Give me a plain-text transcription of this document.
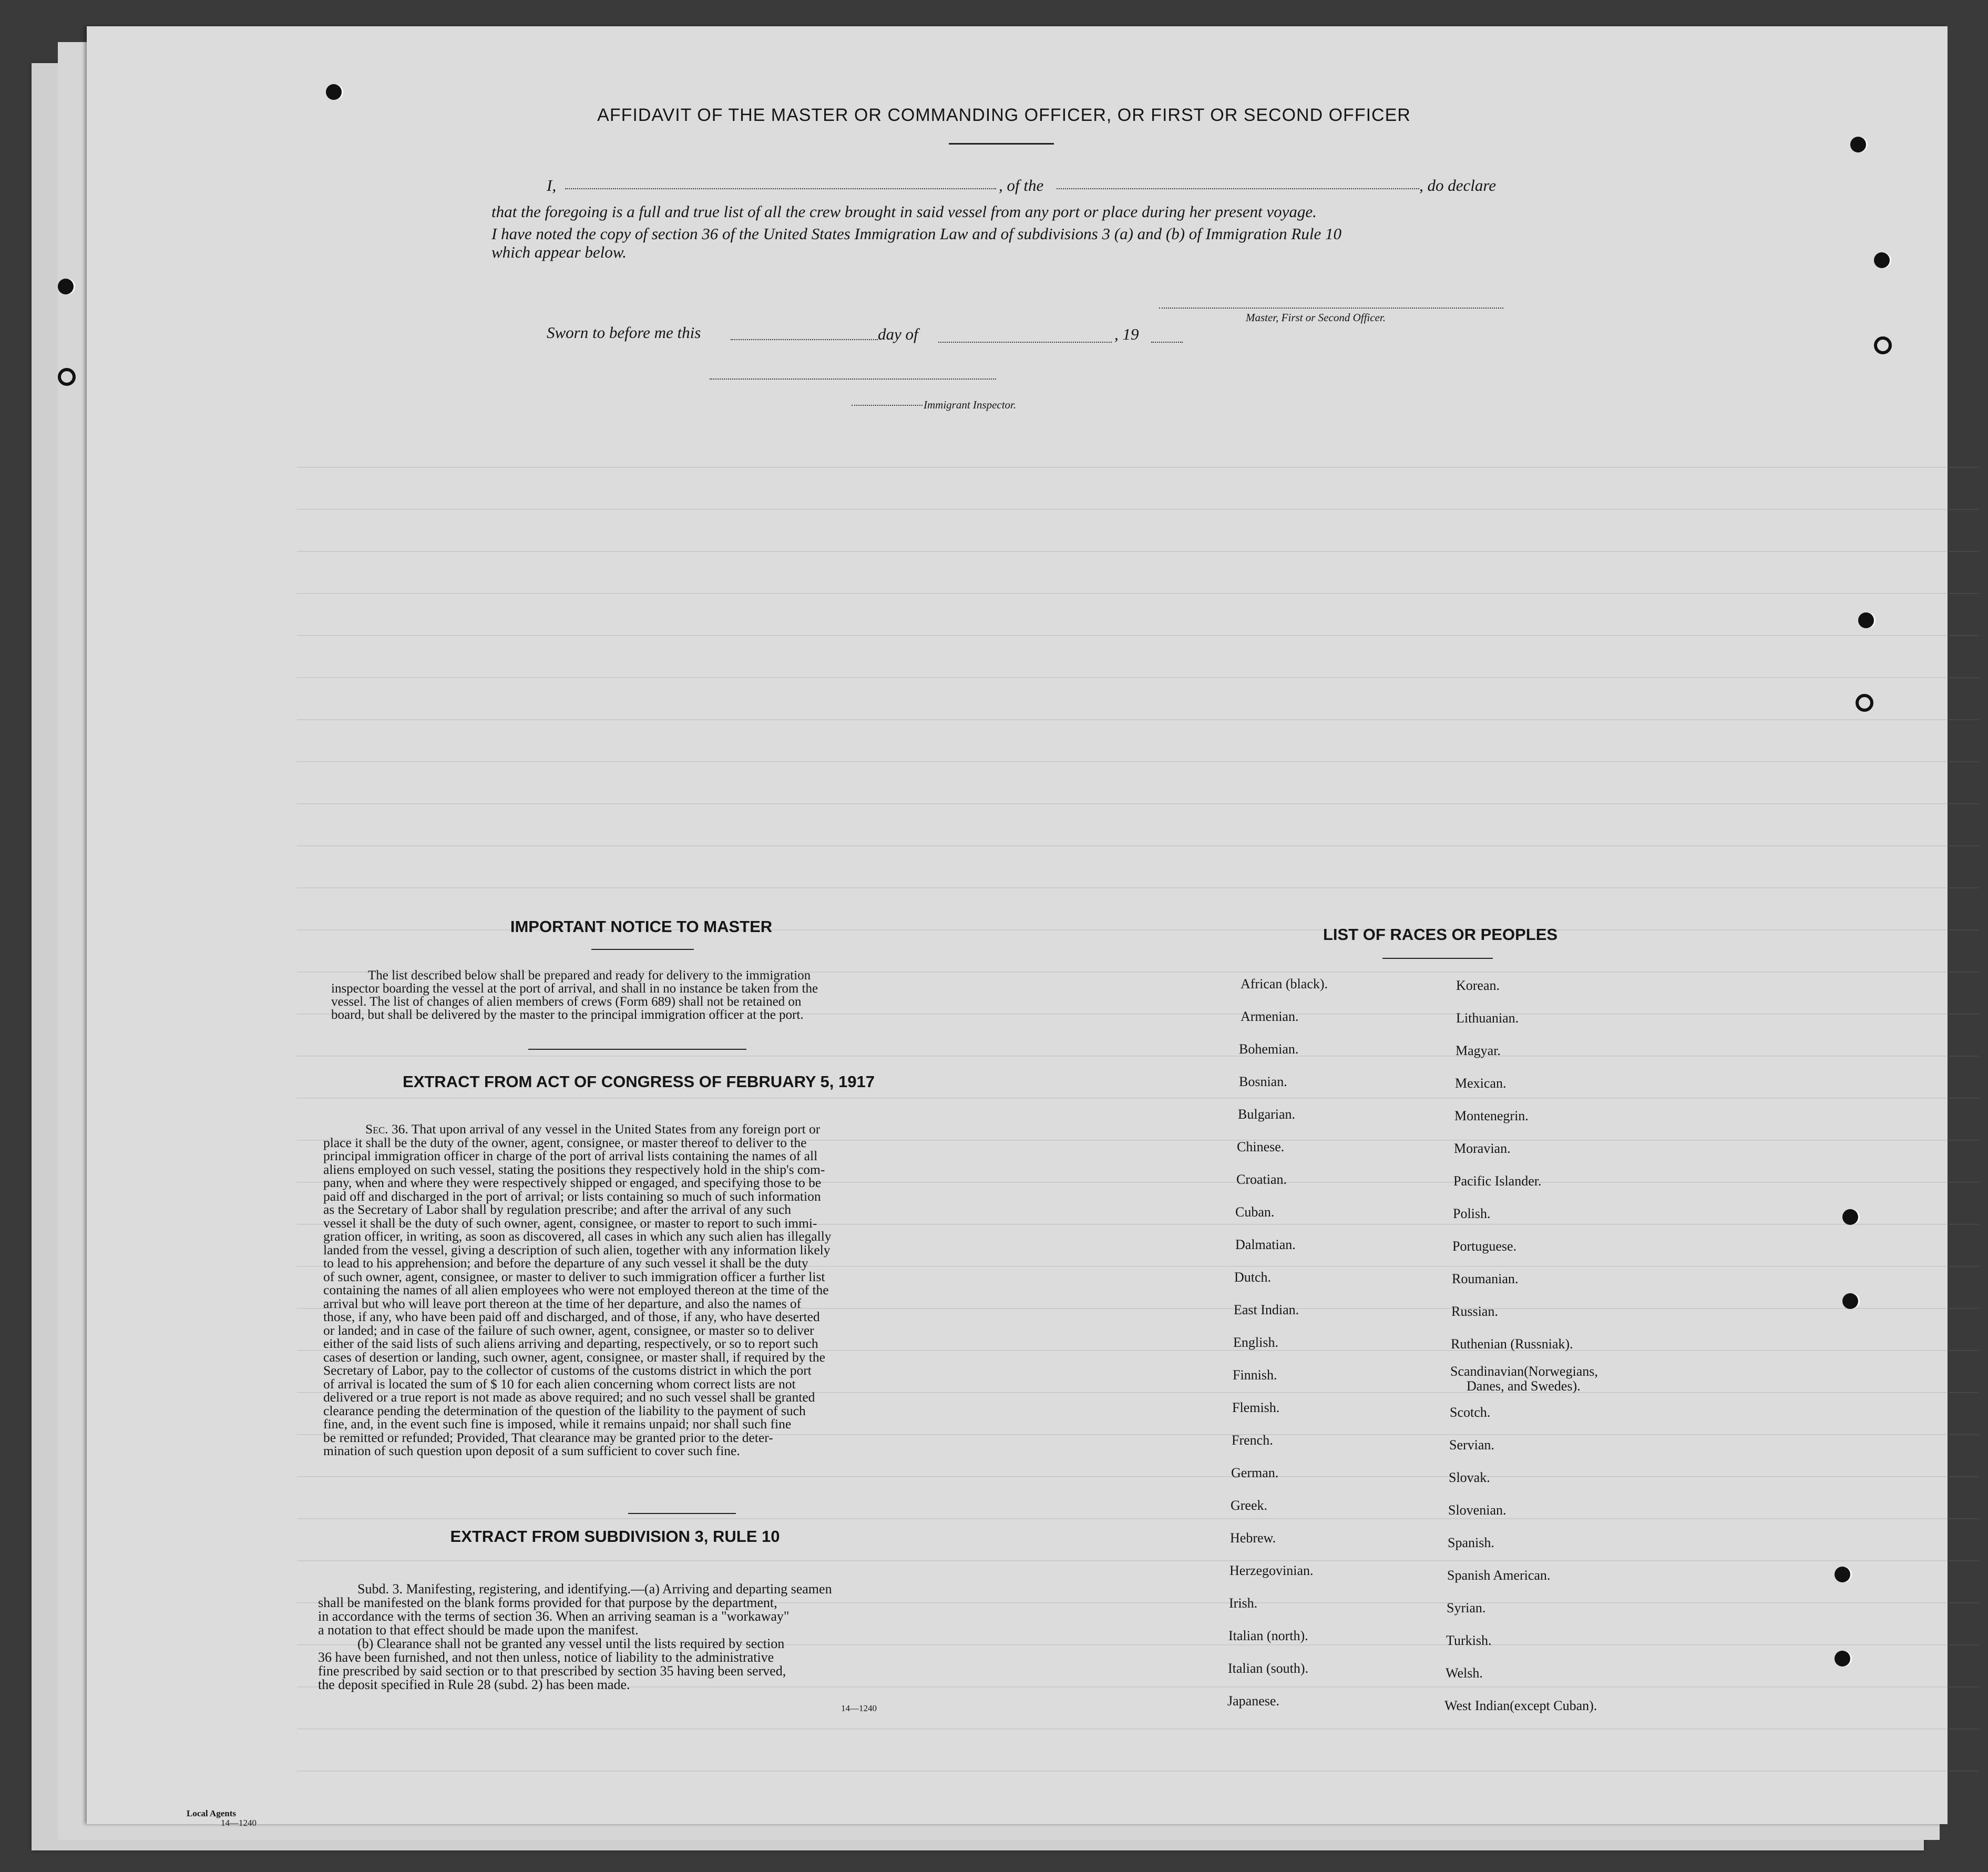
AFFIDAVIT OF THE MASTER OR COMMANDING OFFICER, OR FIRST OR SECOND OFFICER
I,	, of the	, do declare
that the foregoing is a full and true list of all the crew brought in said vessel from any port or place during her present voyage.
I have noted the copy of section 36 of the United States Immigration Law and of subdivisions 3 (a) and (b) of Immigration Rule 10
which appear below.
Master, First or Second Officer.
Sworn to before me this	day of	, 19
Immigrant Inspector.
IMPORTANT NOTICE TO MASTER
The list described below shall be prepared and ready for delivery to the immigration
inspector boarding the vessel at the port of arrival, and shall in no instance be taken from the
vessel. The list of changes of alien members of crews (Form 689) shall not be retained on
board, but shall be delivered by the master to the principal immigration officer at the port.
EXTRACT FROM ACT OF CONGRESS OF FEBRUARY 5, 1917
Sec. 36. That upon arrival of any vessel in the United States from any foreign port or
place it shall be the duty of the owner, agent, consignee, or master thereof to deliver to the
principal immigration officer in charge of the port of arrival lists containing the names of all
aliens employed on such vessel, stating the positions they respectively hold in the ship's com-
pany, when and where they were respectively shipped or engaged, and specifying those to be
paid off and discharged in the port of arrival; or lists containing so much of such information
as the Secretary of Labor shall by regulation prescribe; and after the arrival of any such
vessel it shall be the duty of such owner, agent, consignee, or master to report to such immi-
gration officer, in writing, as soon as discovered, all cases in which any such alien has illegally
landed from the vessel, giving a description of such alien, together with any information likely
to lead to his apprehension; and before the departure of any such vessel it shall be the duty
of such owner, agent, consignee, or master to deliver to such immigration officer a further list
containing the names of all alien employees who were not employed thereon at the time of the
arrival but who will leave port thereon at the time of her departure, and also the names of
those, if any, who have been paid off and discharged, and of those, if any, who have deserted
or landed; and in case of the failure of such owner, agent, consignee, or master so to deliver
either of the said lists of such aliens arriving and departing, respectively, or so to report such
cases of desertion or landing, such owner, agent, consignee, or master shall, if required by the
Secretary of Labor, pay to the collector of customs of the customs district in which the port
of arrival is located the sum of $ 10 for each alien concerning whom correct lists are not
delivered or a true report is not made as above required; and no such vessel shall be granted
clearance pending the determination of the question of the liability to the payment of such
fine, and, in the event such fine is imposed, while it remains unpaid; nor shall such fine
be remitted or refunded; Provided, That clearance may be granted prior to the deter-
mination of such question upon deposit of a sum sufficient to cover such fine.
EXTRACT FROM SUBDIVISION 3, RULE 10
Subd. 3. Manifesting, registering, and identifying.—(a) Arriving and departing seamen
shall be manifested on the blank forms provided for that purpose by the department,
in accordance with the terms of section 36. When an arriving seaman is a "workaway"
a notation to that effect should be made upon the manifest.
(b) Clearance shall not be granted any vessel until the lists required by section
36 have been furnished, and not then unless, notice of liability to the administrative
fine prescribed by said section or to that prescribed by section 35 having been served,
the deposit specified in Rule 28 (subd. 2) has been made.
14—1240
LIST OF RACES OR PEOPLES
African (black).
Armenian.
Bohemian.
Bosnian.
Bulgarian.
Chinese.
Croatian.
Cuban.
Dalmatian.
Dutch.
East Indian.
English.
Finnish.
Flemish.
French.
German.
Greek.
Hebrew.
Herzegovinian.
Irish.
Italian (north).
Italian (south).
Japanese.
Korean.
Lithuanian.
Magyar.
Mexican.
Montenegrin.
Moravian.
Pacific Islander.
Polish.
Portuguese.
Roumanian.
Russian.
Ruthenian (Russniak).
Scandinavian(Norwegians,
Danes, and Swedes).
Scotch.
Servian.
Slovak.
Slovenian.
Spanish.
Spanish American.
Syrian.
Turkish.
Welsh.
West Indian(except Cuban).
Local Agents
14—1240
